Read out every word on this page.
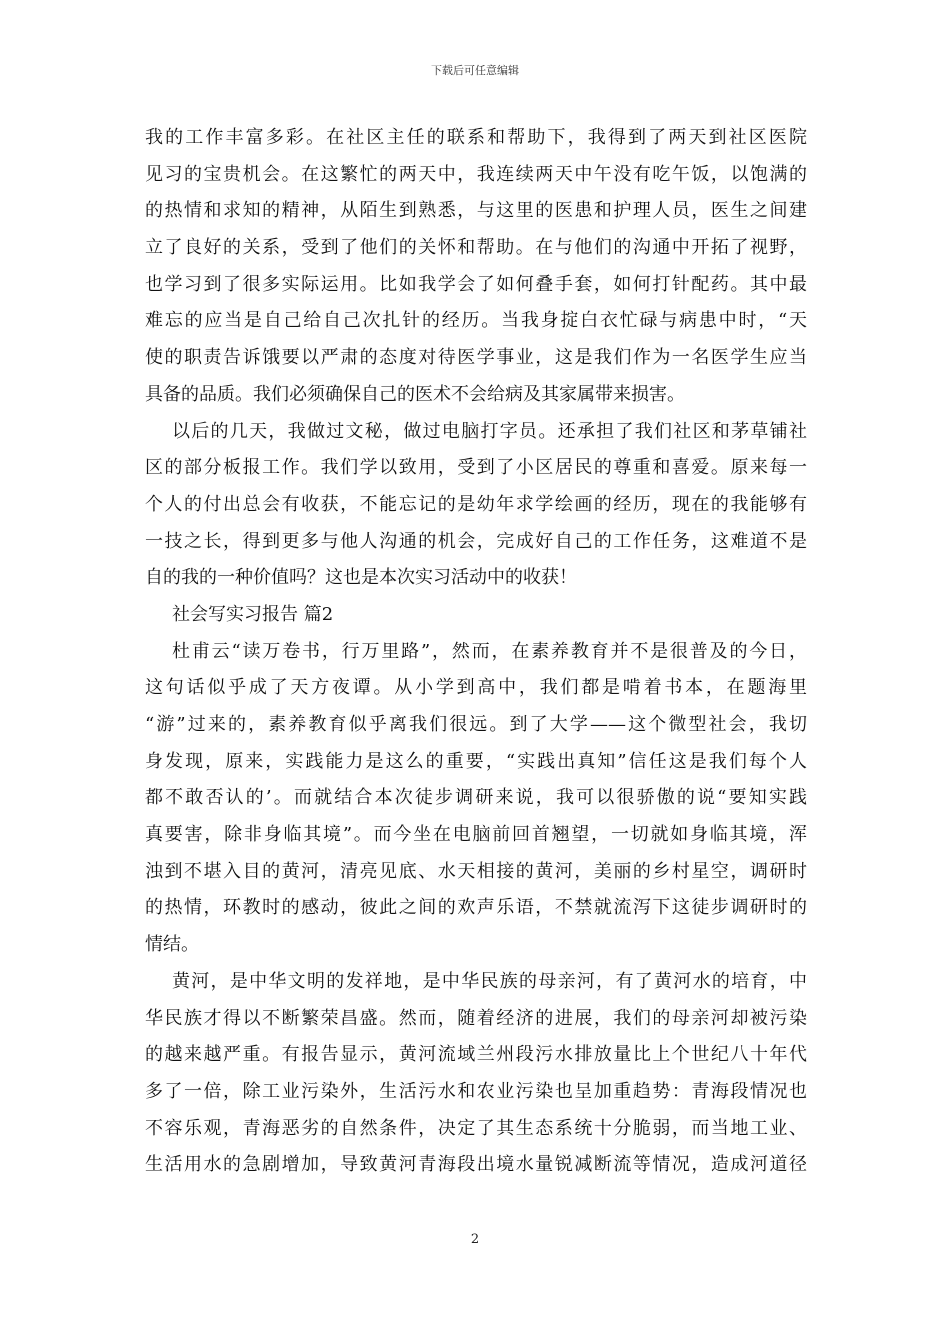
下载后可任意编辑
我的工作丰富多彩。在社区主任的联系和帮助下，我得到了两天到社区医院
见习的宝贵机会。在这繁忙的两天中，我连续两天中午没有吃午饭，以饱满的
的热情和求知的精神，从陌生到熟悉，与这里的医患和护理人员，医生之间建
立了良好的关系，受到了他们的关怀和帮助。在与他们的沟通中开拓了视野，
也学习到了很多实际运用。比如我学会了如何叠手套，如何打针配药。其中最
难忘的应当是自己给自己次扎针的经历。当我身掟白衣忙碌与病患中时，“天
使的职责告诉饿要以严肃的态度对待医学事业，这是我们作为一名医学生应当
具备的品质。我们必须确保自己的医术不会给病及其家属带来损害。
以后的几天，我做过文秘，做过电脑打字员。还承担了我们社区和茅草铺社
区的部分板报工作。我们学以致用，受到了小区居民的尊重和喜爱。原来每一
个人的付出总会有收获，不能忘记的是幼年求学绘画的经历，现在的我能够有
一技之长，得到更多与他人沟通的机会，完成好自己的工作任务，这难道不是
自的我的一种价值吗？这也是本次实习活动中的收获！
社会写实习报告 篇2
杜甫云“读万卷书，行万里路”，然而，在素养教育并不是很普及的今日，
这句话似乎成了天方夜谭。从小学到高中，我们都是啃着书本，在题海里
“游”过来的，素养教育似乎离我们很远。到了大学——这个微型社会，我切
身发现，原来，实践能力是这么的重要，“实践出真知”信任这是我们每个人
都不敢否认的’。而就结合本次徒步调研来说，我可以很骄傲的说“要知实践
真要害，除非身临其境”。而今坐在电脑前回首翘望，一切就如身临其境，浑
浊到不堪入目的黄河，清亮见底、水天相接的黄河，美丽的乡村星空，调研时
的热情，环教时的感动，彼此之间的欢声乐语，不禁就流泻下这徒步调研时的
情结。
黄河，是中华文明的发祥地，是中华民族的母亲河，有了黄河水的培育，中
华民族才得以不断繁荣昌盛。然而，随着经济的进展，我们的母亲河却被污染
的越来越严重。有报告显示，黄河流域兰州段污水排放量比上个世纪八十年代
多了一倍，除工业污染外，生活污水和农业污染也呈加重趋势：青海段情况也
不容乐观，青海恶劣的自然条件，决定了其生态系统十分脆弱，而当地工业、
生活用水的急剧增加，导致黄河青海段出境水量锐减断流等情况，造成河道径
2
